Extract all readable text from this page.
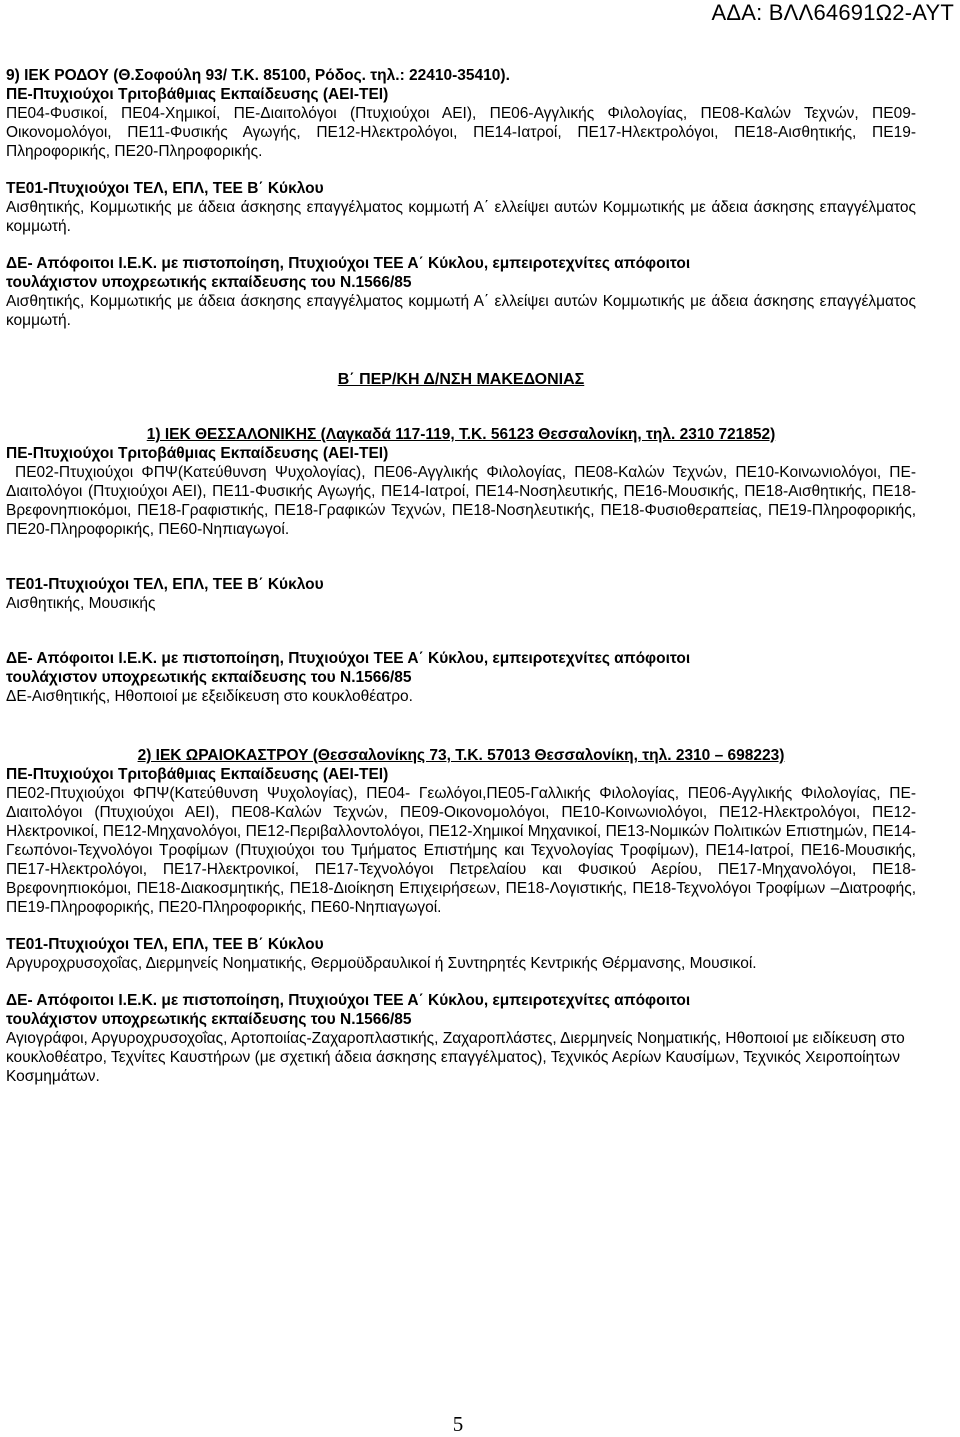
ΑΔΑ: ΒΛΛ64691Ω2-ΑΥΤ

9) ΙΕΚ ΡΟΔΟΥ (Θ.Σοφούλη 93/ Τ.Κ. 85100, Ρόδος. τηλ.: 22410-35410).

ΠΕ-Πτυχιούχοι Τριτοβάθμιας Εκπαίδευσης (ΑΕΙ-ΤΕΙ)

ΠΕ04-Φυσικοί, ΠΕ04-Χημικοί, ΠΕ-Διαιτολόγοι (Πτυχιούχοι ΑΕΙ), ΠΕ06-Αγγλικής Φιλολογίας, ΠΕ08-Καλών Τεχνών, ΠΕ09-Οικονομολόγοι, ΠΕ11-Φυσικής Αγωγής, ΠΕ12-Ηλεκτρολόγοι, ΠΕ14-Ιατροί, ΠΕ17-Ηλεκτρολόγοι, ΠΕ18-Αισθητικής, ΠΕ19-Πληροφορικής, ΠΕ20-Πληροφορικής.

ΤΕ01-Πτυχιούχοι ΤΕΛ, ΕΠΛ, ΤΕΕ Β΄ Κύκλου

Αισθητικής, Κομμωτικής με άδεια άσκησης επαγγέλματος κομμωτή Α΄ ελλείψει αυτών Κομμωτικής με άδεια άσκησης επαγγέλματος κομμωτή.

ΔΕ- Απόφοιτοι Ι.Ε.Κ. με πιστοποίηση, Πτυχιούχοι ΤΕΕ Α΄ Κύκλου, εμπειροτεχνίτες απόφοιτοι

τουλάχιστον υποχρεωτικής εκπαίδευσης του Ν.1566/85

Αισθητικής, Κομμωτικής με άδεια άσκησης επαγγέλματος κομμωτή Α΄ ελλείψει αυτών Κομμωτικής με άδεια άσκησης επαγγέλματος κομμωτή.

Β΄ ΠΕΡ/ΚΗ Δ/ΝΣΗ ΜΑΚΕΔΟΝΙΑΣ

1) ΙΕΚ ΘΕΣΣΑΛΟΝΙΚΗΣ (Λαγκαδά 117-119, Τ.Κ. 56123 Θεσσαλονίκη, τηλ. 2310 721852)

ΠΕ-Πτυχιούχοι Τριτοβάθμιας Εκπαίδευσης (ΑΕΙ-ΤΕΙ)

ΠΕ02-Πτυχιούχοι ΦΠΨ(Κατεύθυνση Ψυχολογίας), ΠΕ06-Αγγλικής Φιλολογίας, ΠΕ08-Καλών Τεχνών, ΠΕ10-Κοινωνιολόγοι, ΠΕ-Διαιτολόγοι (Πτυχιούχοι ΑΕΙ), ΠΕ11-Φυσικής Αγωγής, ΠΕ14-Ιατροί, ΠΕ14-Νοσηλευτικής, ΠΕ16-Μουσικής, ΠΕ18-Αισθητικής, ΠΕ18-Βρεφονηπιοκόμοι, ΠΕ18-Γραφιστικής, ΠΕ18-Γραφικών Τεχνών, ΠΕ18-Νοσηλευτικής, ΠΕ18-Φυσιοθεραπείας, ΠΕ19-Πληροφορικής, ΠΕ20-Πληροφορικής, ΠΕ60-Νηπιαγωγοί.

ΤΕ01-Πτυχιούχοι ΤΕΛ, ΕΠΛ, ΤΕΕ Β΄ Κύκλου

Αισθητικής, Μουσικής

ΔΕ- Απόφοιτοι Ι.Ε.Κ. με πιστοποίηση, Πτυχιούχοι ΤΕΕ Α΄ Κύκλου, εμπειροτεχνίτες απόφοιτοι

τουλάχιστον υποχρεωτικής εκπαίδευσης του Ν.1566/85

ΔΕ-Αισθητικής, Ηθοποιοί με εξειδίκευση στο κουκλοθέατρο.

2) ΙΕΚ ΩΡΑΙΟΚΑΣΤΡΟΥ (Θεσσαλονίκης 73, Τ.Κ. 57013 Θεσσαλονίκη, τηλ. 2310 – 698223)

ΠΕ-Πτυχιούχοι Τριτοβάθμιας Εκπαίδευσης (ΑΕΙ-ΤΕΙ)

ΠΕ02-Πτυχιούχοι ΦΠΨ(Κατεύθυνση Ψυχολογίας), ΠΕ04- Γεωλόγοι,ΠΕ05-Γαλλικής Φιλολογίας, ΠΕ06-Αγγλικής Φιλολογίας, ΠΕ-Διαιτολόγοι (Πτυχιούχοι ΑΕΙ), ΠΕ08-Καλών Τεχνών, ΠΕ09-Οικονομολόγοι, ΠΕ10-Κοινωνιολόγοι, ΠΕ12-Ηλεκτρολόγοι, ΠΕ12-Ηλεκτρονικοί, ΠΕ12-Μηχανολόγοι, ΠΕ12-Περιβαλλοντολόγοι, ΠΕ12-Χημικοί Μηχανικοί, ΠΕ13-Νομικών Πολιτικών Επιστημών, ΠΕ14-Γεωπόνοι-Τεχνολόγοι Τροφίμων (Πτυχιούχοι του Τμήματος Επιστήμης και Τεχνολογίας Τροφίμων), ΠΕ14-Ιατροί, ΠΕ16-Μουσικής, ΠΕ17-Ηλεκτρολόγοι, ΠΕ17-Ηλεκτρονικοί, ΠΕ17-Τεχνολόγοι Πετρελαίου και Φυσικού Αερίου, ΠΕ17-Μηχανολόγοι, ΠΕ18-Βρεφονηπιοκόμοι, ΠΕ18-Διακοσμητικής, ΠΕ18-Διοίκηση Επιχειρήσεων, ΠΕ18-Λογιστικής, ΠΕ18-Τεχνολόγοι Τροφίμων –Διατροφής, ΠΕ19-Πληροφορικής, ΠΕ20-Πληροφορικής, ΠΕ60-Νηπιαγωγοί.

ΤΕ01-Πτυχιούχοι ΤΕΛ, ΕΠΛ, ΤΕΕ Β΄ Κύκλου

Αργυροχρυσοχοΐας, Διερμηνείς Νοηματικής, Θερμοϋδραυλικοί ή Συντηρητές Κεντρικής Θέρμανσης, Μουσικοί.

ΔΕ- Απόφοιτοι Ι.Ε.Κ. με πιστοποίηση, Πτυχιούχοι ΤΕΕ Α΄ Κύκλου, εμπειροτεχνίτες απόφοιτοι

τουλάχιστον υποχρεωτικής εκπαίδευσης του Ν.1566/85

Αγιογράφοι, Αργυροχρυσοχοΐας, Αρτοποιίας-Ζαχαροπλαστικής, Ζαχαροπλάστες, Διερμηνείς Νοηματικής, Ηθοποιοί με ειδίκευση στο κουκλοθέατρο, Τεχνίτες Καυστήρων (με σχετική άδεια άσκησης επαγγέλματος), Τεχνικός Αερίων Καυσίμων, Τεχνικός Χειροποίητων Κοσμημάτων.

5
